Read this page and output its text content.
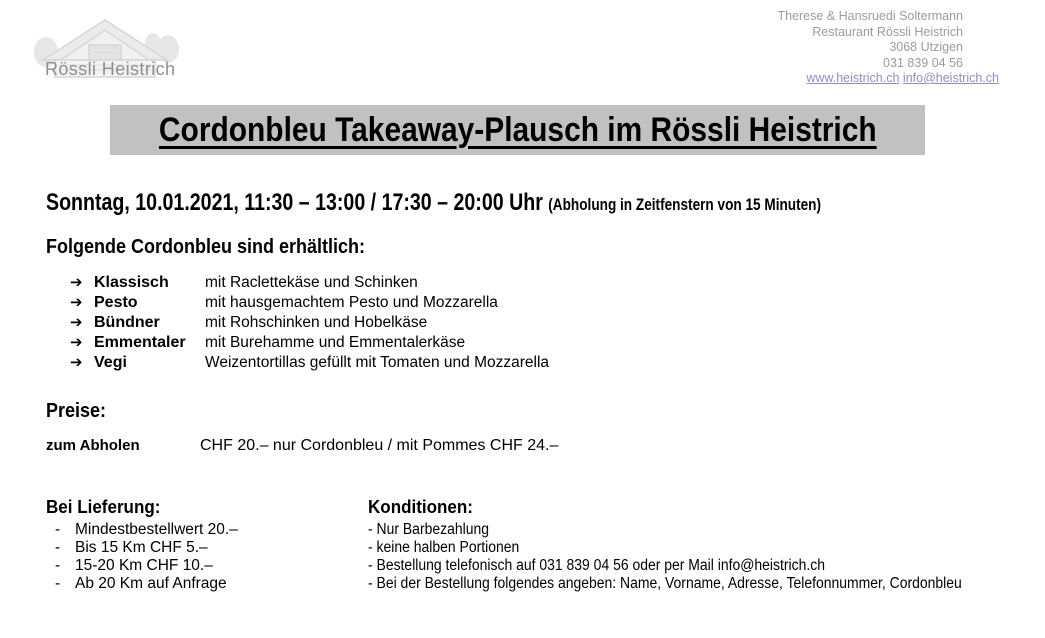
Rössli Heistrich
Therese & Hansruedi Soltermann
Restaurant Rössli Heistrich
3068 Utzigen
031 839 04 56
www.heistrich.ch info@heistrich.ch
Cordonbleu Takeaway-Plausch im Rössli Heistrich
Sonntag, 10.01.2021, 11:30 – 13:00 / 17:30 – 20:00 Uhr (Abholung in Zeitfenstern von 15 Minuten)
Folgende Cordonbleu sind erhältlich:
➔ Klassisch	mit Raclettekäse und Schinken
➔ Pesto	mit hausgemachtem Pesto und Mozzarella
➔ Bündner	mit Rohschinken und Hobelkäse
➔ Emmentaler	mit Burehamme und Emmentalerkäse
➔ Vegi	Weizentortillas gefüllt mit Tomaten und Mozzarella
Preise:
zum Abholen	CHF 20.– nur Cordonbleu / mit Pommes CHF 24.–
Bei Lieferung:
- Mindestbestellwert 20.–
- Bis 15 Km CHF 5.–
- 15-20 Km CHF 10.–
- Ab 20 Km auf Anfrage
Konditionen:
- Nur Barbezahlung
- keine halben Portionen
- Bestellung telefonisch auf 031 839 04 56 oder per Mail info@heistrich.ch
- Bei der Bestellung folgendes angeben: Name, Vorname, Adresse, Telefonnummer, Cordonbleu
